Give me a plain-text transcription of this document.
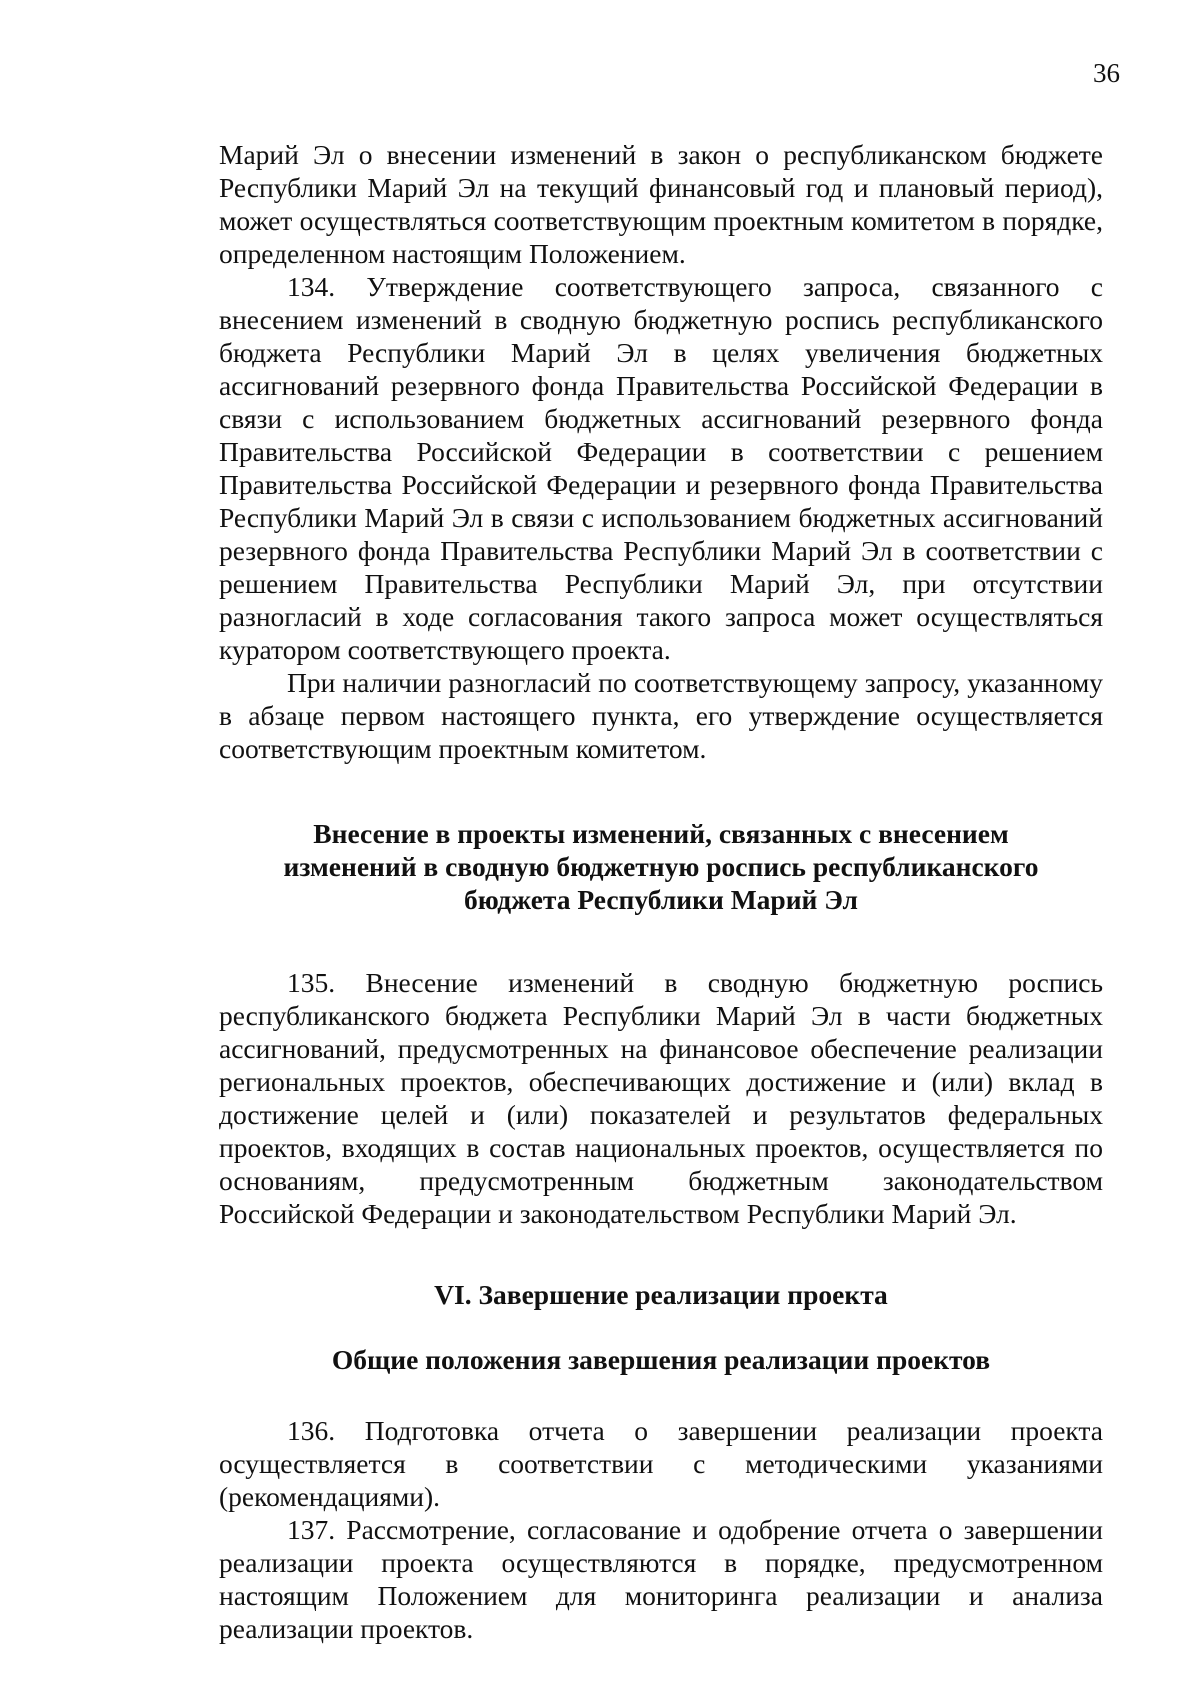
36

Марий Эл о внесении изменений в закон о республиканском бюджете Республики Марий Эл на текущий финансовый год и плановый период), может осуществляться соответствующим проектным комитетом в порядке, определенном настоящим Положением.

134. Утверждение соответствующего запроса, связанного с внесением изменений в сводную бюджетную роспись республиканского бюджета Республики Марий Эл в целях увеличения бюджетных ассигнований резервного фонда Правительства Российской Федерации в связи с использованием бюджетных ассигнований резервного фонда Правительства Российской Федерации в соответствии с решением Правительства Российской Федерации и резервного фонда Правительства Республики Марий Эл в связи с использованием бюджетных ассигнований резервного фонда Правительства Республики Марий Эл в соответствии с решением Правительства Республики Марий Эл, при отсутствии разногласий в ходе согласования такого запроса может осуществляться куратором соответствующего проекта.

При наличии разногласий по соответствующему запросу, указанному в абзаце первом настоящего пункта, его утверждение осуществляется соответствующим проектным комитетом.

Внесение в проекты изменений, связанных с внесением

изменений в сводную бюджетную роспись республиканского

бюджета Республики Марий Эл

135. Внесение изменений в сводную бюджетную роспись республиканского бюджета Республики Марий Эл в части бюджетных ассигнований, предусмотренных на финансовое обеспечение реализации региональных проектов, обеспечивающих достижение и (или) вклад в достижение целей и (или) показателей и результатов федеральных проектов, входящих в состав национальных проектов, осуществляется по основаниям, предусмотренным бюджетным законодательством Российской Федерации и законодательством Республики Марий Эл.

VI. Завершение реализации проекта

Общие положения завершения реализации проектов

136. Подготовка отчета о завершении реализации проекта осуществляется в соответствии с методическими указаниями (рекомендациями).

137. Рассмотрение, согласование и одобрение отчета о завершении реализации проекта осуществляются в порядке, предусмотренном настоящим Положением для мониторинга реализации и анализа реализации проектов.
